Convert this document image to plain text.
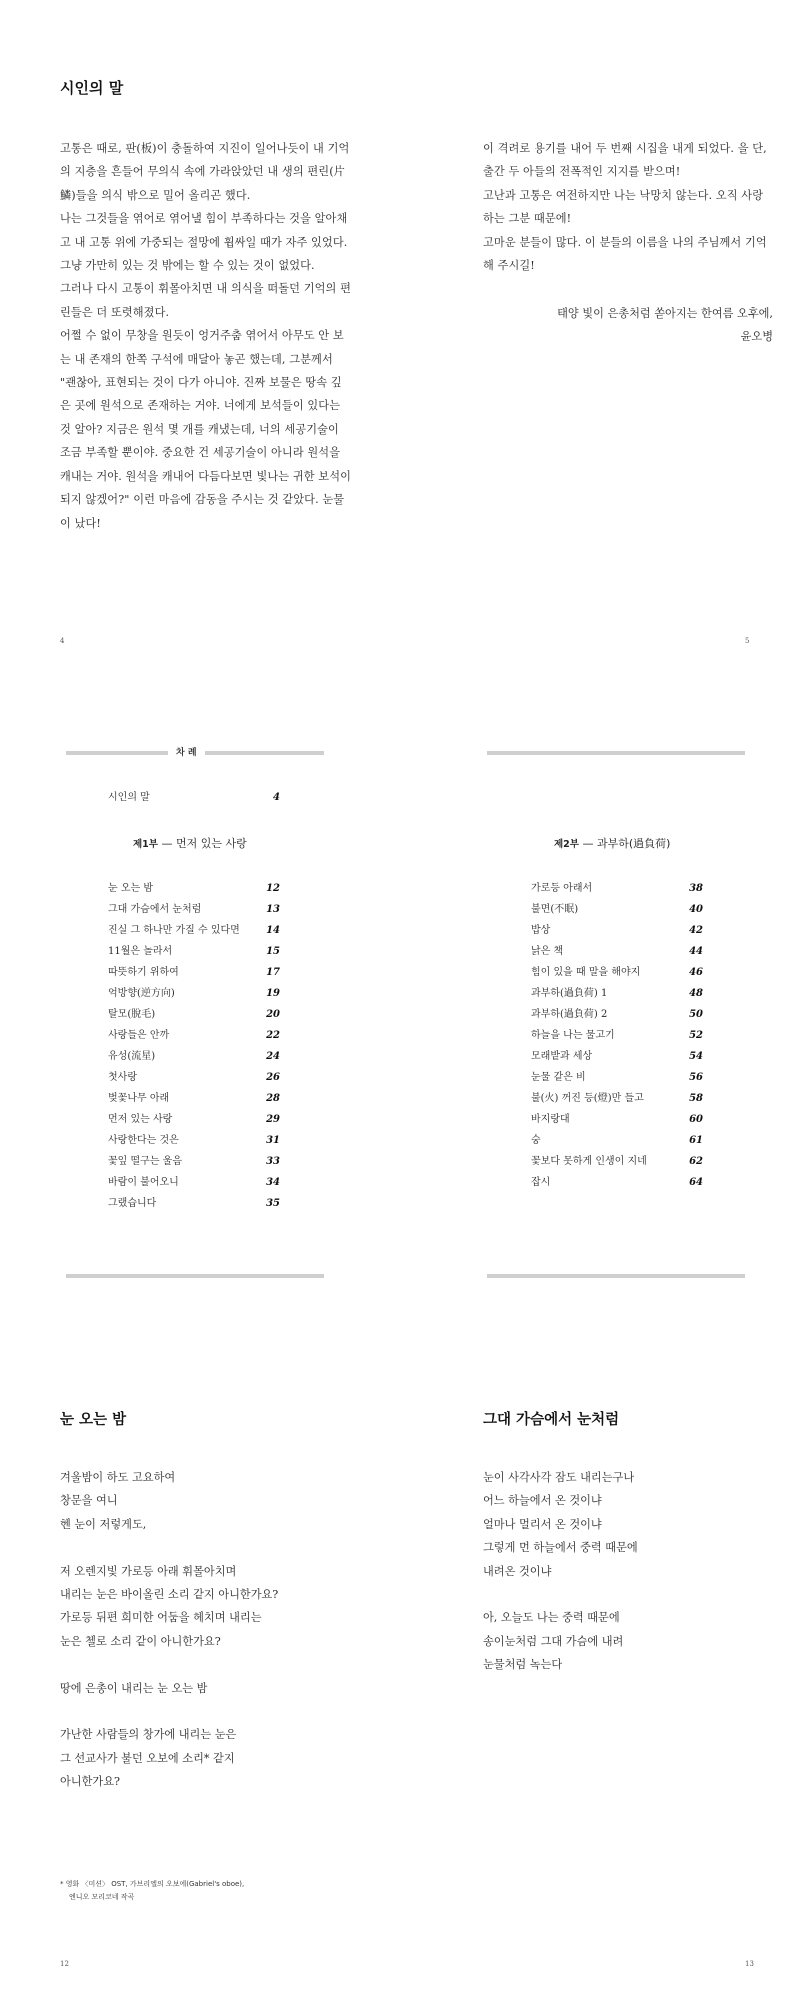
시인의 말

고통은 때로, 판(板)이 충돌하여 지진이 일어나듯이 내 기억의 지층을 흔들어 무의식 속에 가라앉았던 내 생의 편린(片鱗)들을 의식 밖으로 밀어 올리곤 했다.

나는 그것들을 엮어로 엮어낼 힘이 부족하다는 것을 알아채고 내 고통 위에 가중되는 절망에 휩싸일 때가 자주 있었다.

그냥 가만히 있는 것 밖에는 할 수 있는 것이 없었다.

그러나 다시 고통이 휘몰아치면 내 의식을 떠돌던 기억의 편린들은 더 또렷해졌다.

어쩔 수 없이 무창을 원듯이 엉거주춤 엮어서 아무도 안 보는 내 존재의 한쪽 구석에 매달아 놓곤 했는데, 그분께서 "괜찮아, 표현되는 것이 다가 아니야. 진짜 보물은 땅속 깊은 곳에 원석으로 존재하는 거야. 너에게 보석들이 있다는 것 알아? 지금은 원석 몇 개를 캐냈는데, 너의 세공기술이 조금 부족할 뿐이야. 중요한 건 세공기술이 아니라 원석을 캐내는 거야. 원석을 캐내어 다듬다보면 빛나는 귀한 보석이 되지 않겠어?" 이런 마음에 감동을 주시는 것 같았다. 눈물이 났다!

4

이 격려로 용기를 내어 두 번째 시집을 내게 되었다. 을 단, 출간 두 아들의 전폭적인 지지를 받으며!

고난과 고통은 여전하지만 나는 낙망치 않는다. 오직 사랑하는 그분 때문에!

고마운 분들이 많다. 이 분들의 이름을 나의 주님께서 기억해 주시길!

태양 빛이 은총처럼 쏟아지는 한여름 오후에,
윤오병
5
차 례
시인의 말	4
제1부 — 먼저 있는 사랑
눈 오는 밤	12
그대 가슴에서 눈처럼	13
진실 그 하나만 가질 수 있다면	14
11월은 놀라서	15
따뜻하기 위하여	17
억방향(逆方向)	19
탈모(脫毛)	20
사랑들은 안까	22
유성(流星)	24
첫사랑	26
벚꽃나무 아래	28
먼저 있는 사랑	29
사랑한다는 것은	31
꽃잎 떨구는 울음	33
바람이 불어오니	34
그랬습니다	35
제2부 — 과부하(過負荷)
가로등 아래서	38
불면(不眠)	40
밥상	42
낡은 책	44
힘이 있을 때 말을 해야지	46
과부하(過負荷) 1	48
과부하(過負荷) 2	50
하늘을 나는 물고기	52
모래밭과 세상	54
눈물 같은 비	56
불(火) 꺼진 등(燈)만 들고	58
바지랑대	60
숭	61
꽃보다 못하게 인생이 지네	62
잡시	64
눈 오는 밤
겨울밤이 하도 고요하여
창문을 여니
헨 눈이 저렇게도,
저 오렌지빛 가로등 아래 휘몰아치며
내리는 눈은 바이올린 소리 같지 아니한가요?
가로등 뒤편 희미한 어둠을 헤치며 내리는
눈은 첼로 소리 같이 아니한가요?
땅에 은총이 내리는 눈 오는 밤
가난한 사람들의 창가에 내리는 눈은
그 선교사가 불던 오보에 소리* 같지
아니한가요?
* 영화 〈미션〉 OST, 가브리엘의 오보에(Gabriel's oboe),
엔니오 모리코네 작곡
12
그대 가슴에서 눈처럼
눈이 사각사각 잠도 내리는구나
어느 하늘에서 온 것이냐
얼마나 멀리서 온 것이냐
그렇게 먼 하늘에서 중력 때문에
내려온 것이냐
아, 오늘도 나는 중력 때문에
송이눈처럼 그대 가슴에 내려
눈물처럼 녹는다
13
